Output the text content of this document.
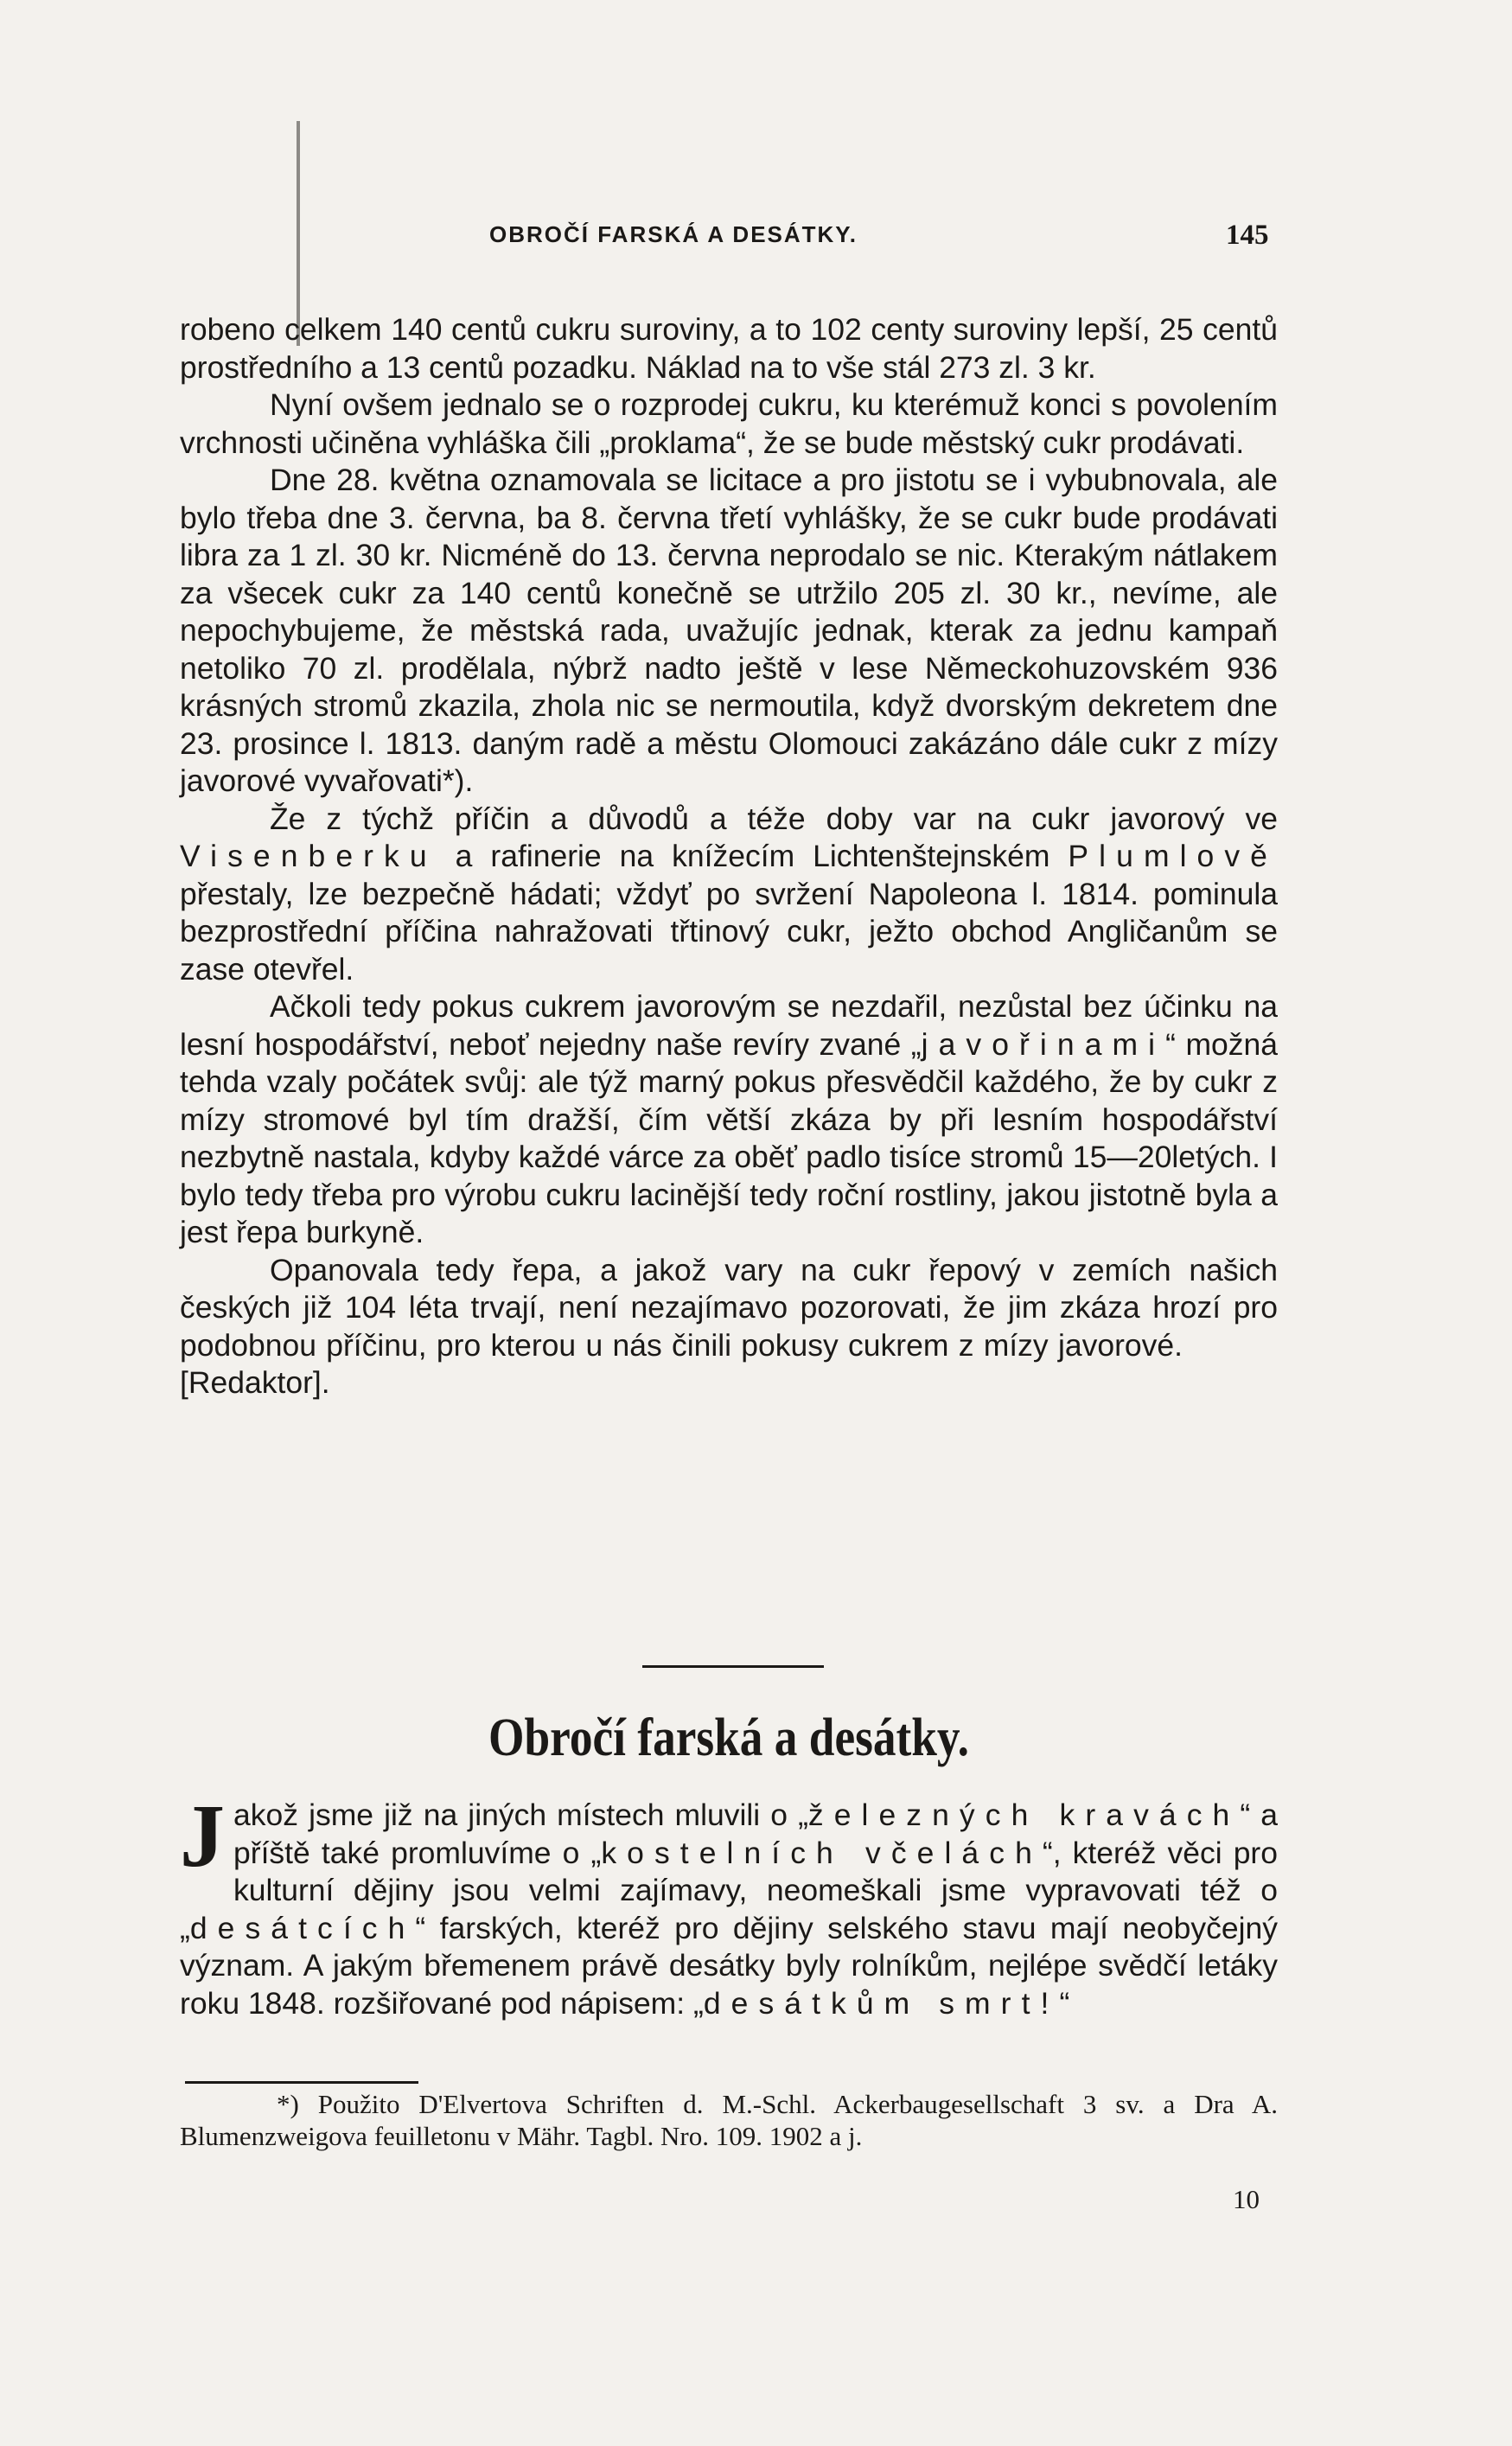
OBROČÍ FARSKÁ A DESÁTKY.	145

robeno celkem 140 centů cukru suroviny, a to 102 centy suroviny lepší, 25 centů prostředního a 13 centů pozadku. Náklad na to vše stál 273 zl. 3 kr.

Nyní ovšem jednalo se o rozprodej cukru, ku kterémuž konci s povolením vrchnosti učiněna vyhláška čili „proklama“, že se bude městský cukr prodávati.

Dne 28. května oznamovala se licitace a pro jistotu se i vybubnovala, ale bylo třeba dne 3. června, ba 8. června třetí vyhlášky, že se cukr bude prodávati libra za 1 zl. 30 kr. Nicméně do 13. června neprodalo se nic. Kterakým nátlakem za všecek cukr za 140 centů konečně se utržilo 205 zl. 30 kr., nevíme, ale nepochybujeme, že městská rada, uvažujíc jednak, kterak za jednu kampaň netoliko 70 zl. prodělala, nýbrž nadto ještě v lese Německohuzovském 936 krásných stromů zkazila, zhola nic se nermoutila, když dvorským dekretem dne 23. prosince l. 1813. daným radě a městu Olomouci zakázáno dále cukr z mízy javorové vyvařovati*).

Že z týchž příčin a důvodů a téže doby var na cukr javorový ve Visenberku a rafinerie na knížecím Lichtenštejnském Plumlově přestaly, lze bezpečně hádati; vždyť po svržení Napoleona l. 1814. pominula bezprostřední příčina nahražovati třtinový cukr, ježto obchod Angličanům se zase otevřel.

Ačkoli tedy pokus cukrem javorovým se nezdařil, nezůstal bez účinku na lesní hospodářství, neboť nejedny naše revíry zvané „javořinami“ možná tehda vzaly počátek svůj: ale týž marný pokus přesvědčil každého, že by cukr z mízy stromové byl tím dražší, čím větší zkáza by při lesním hospodářství nezbytně nastala, kdyby každé várce za oběť padlo tisíce stromů 15—20letých. I bylo tedy třeba pro výrobu cukru lacinější tedy roční rostliny, jakou jistotně byla a jest řepa burkyně.

Opanovala tedy řepa, a jakož vary na cukr řepový v zemích našich českých již 104 léta trvají, není nezajímavo pozorovati, že jim zkáza hrozí pro podobnou příčinu, pro kterou u nás činili pokusy cukrem z mízy javorové.[Redaktor].

Obročí farská a desátky.

Jakož jsme již na jiných místech mluvili o „železných kravách“ a příště také promluvíme o „kostelních včelách“, kteréž věci pro kulturní dějiny jsou velmi zajímavy, neomeškali jsme vypravovati též o „desátcích“ farských, kteréž pro dějiny selského stavu mají neobyčejný význam. A jakým břemenem právě desátky byly rolníkům, nejlépe svědčí letáky roku 1848. rozšiřované pod nápisem: „desátkům smrt!“

*) Použito D'Elvertova Schriften d. M.-Schl. Ackerbaugesellschaft 3 sv. a Dra A. Blumenzweigova feuilletonu v Mähr. Tagbl. Nro. 109. 1902 a j.

10
